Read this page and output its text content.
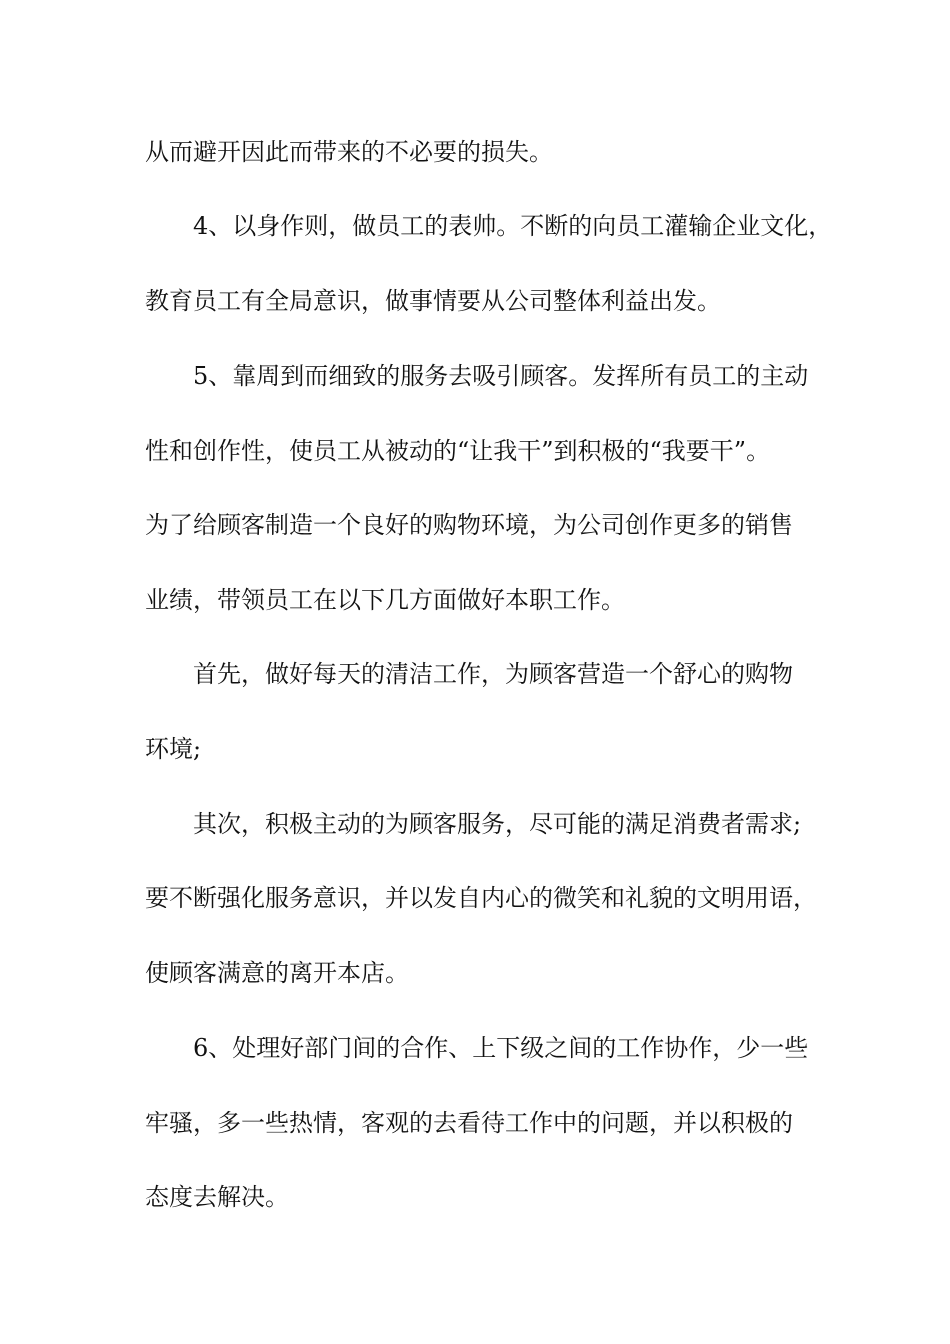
从而避开因此而带来的不必要的损失。
4、以身作则，做员工的表帅。不断的向员工灌输企业文化，
教育员工有全局意识，做事情要从公司整体利益出发。
5、靠周到而细致的服务去吸引顾客。发挥所有员工的主动
性和创作性，使员工从被动的“让我干”到积极的“我要干”。
为了给顾客制造一个良好的购物环境，为公司创作更多的销售
业绩，带领员工在以下几方面做好本职工作。
首先，做好每天的清洁工作，为顾客营造一个舒心的购物
环境;
其次，积极主动的为顾客服务，尽可能的满足消费者需求;
要不断强化服务意识，并以发自内心的微笑和礼貌的文明用语，
使顾客满意的离开本店。
6、处理好部门间的合作、上下级之间的工作协作，少一些
牢骚，多一些热情，客观的去看待工作中的问题，并以积极的
态度去解决。
